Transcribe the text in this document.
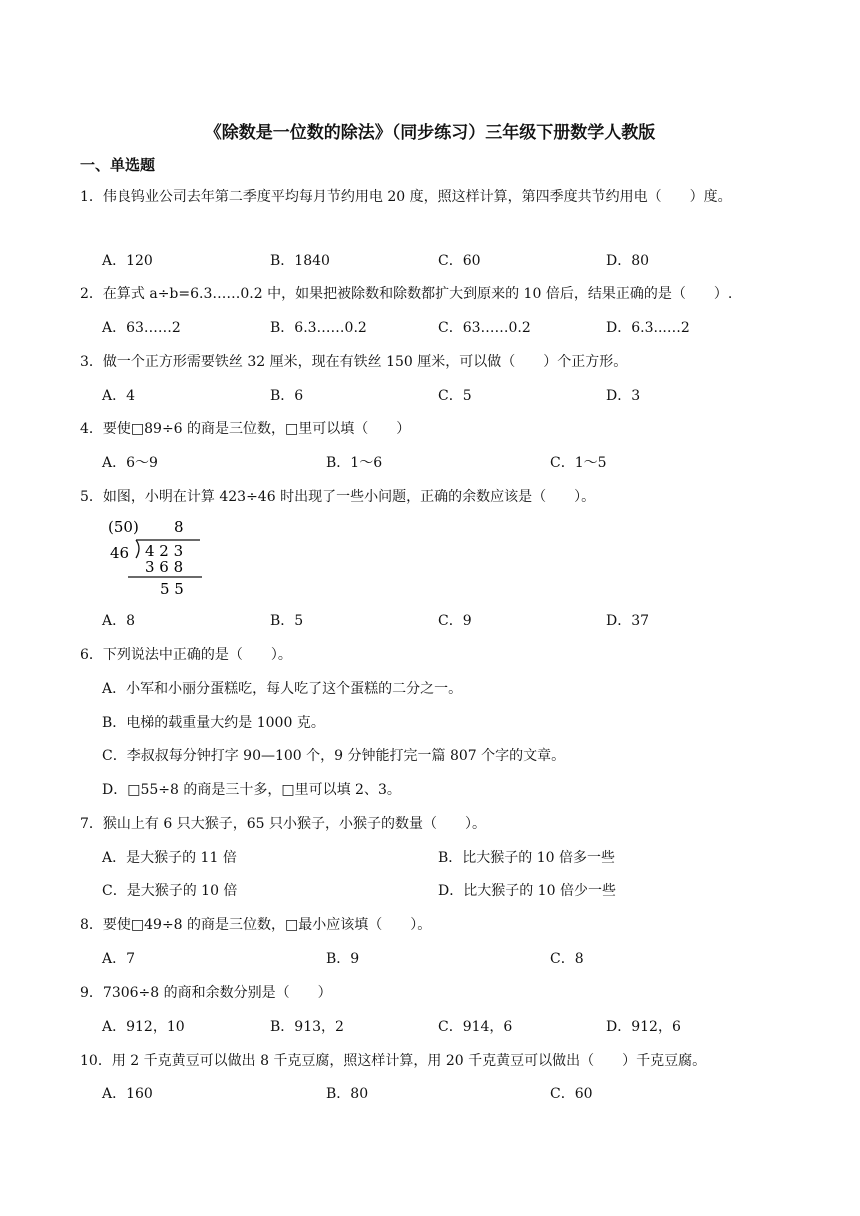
《除数是一位数的除法》（同步练习）三年级下册数学人教版
一、单选题
1．伟良钨业公司去年第二季度平均每月节约用电 20 度，照这样计算，第四季度共节约用电（　　）度。
A．120	B．1840	C．60	D．80
2．在算式 a÷b=6.3……0.2 中，如果把被除数和除数都扩大到原来的 10 倍后，结果正确的是（　　）.
A．63……2	B．6.3……0.2	C．63……0.2	D．6.3...…2
3．做一个正方形需要铁丝 32 厘米，现在有铁丝 150 厘米，可以做（　　）个正方形。
A．4	B．6	C．5	D．3
4．要使□89÷6 的商是三位数，□里可以填（　　）
A．6～9	B．1～6	C．1～5
5．如图，小明在计算 423÷46 时出现了一些小问题，正确的余数应该是（　　）。
(50) 8
46 4 2 3
3 6 8
5 5
A．8	B．5	C．9	D．37
6．下列说法中正确的是（　　）。
A．小军和小丽分蛋糕吃，每人吃了这个蛋糕的二分之一。
B．电梯的载重量大约是 1000 克。
C．李叔叔每分钟打字 90—100 个，9 分钟能打完一篇 807 个字的文章。
D．□55÷8 的商是三十多，□里可以填 2、3。
7．猴山上有 6 只大猴子，65 只小猴子，小猴子的数量（　　）。
A．是大猴子的 11 倍	B．比大猴子的 10 倍多一些
C．是大猴子的 10 倍	D．比大猴子的 10 倍少一些
8．要使□49÷8 的商是三位数，□最小应该填（　　）。
A．7	B．9	C．8
9．7306÷8 的商和余数分别是（　　）
A．912，10	B．913，2	C．914，6	D．912，6
10．用 2 千克黄豆可以做出 8 千克豆腐，照这样计算，用 20 千克黄豆可以做出（　　）千克豆腐。
A．160	B．80	C．60
